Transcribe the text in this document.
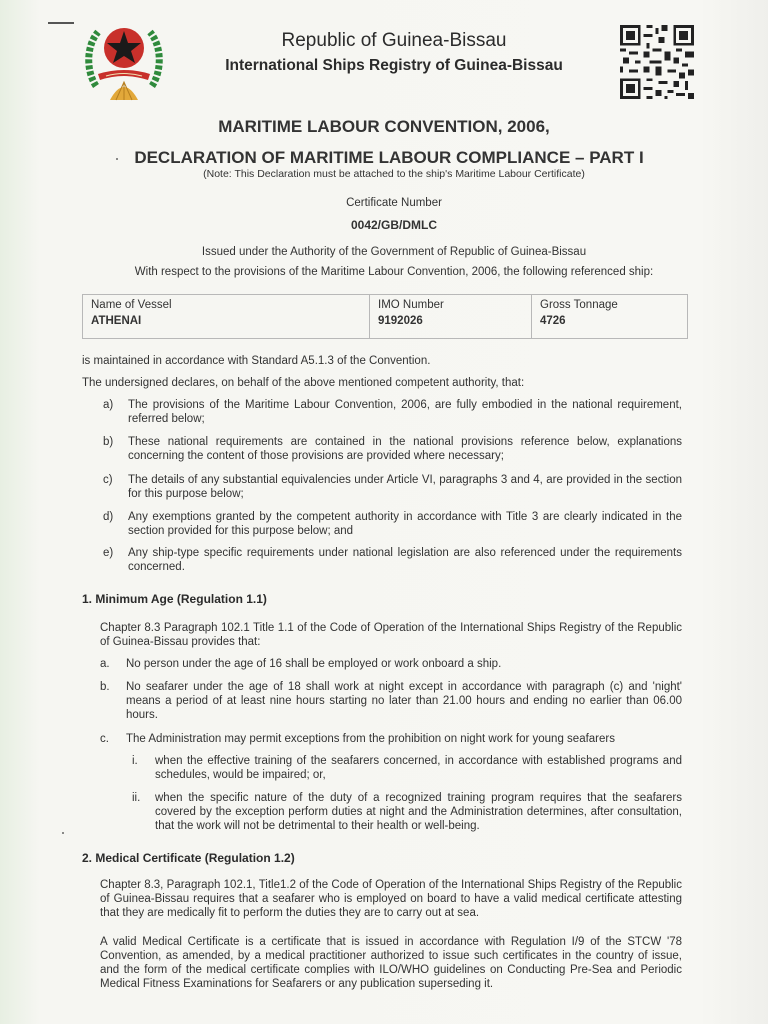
Republic of Guinea-Bissau
International Ships Registry of Guinea-Bissau
MARITIME LABOUR CONVENTION, 2006,
DECLARATION OF MARITIME LABOUR COMPLIANCE – PART I
(Note: This Declaration must be attached to the ship's Maritime Labour Certificate)
Certificate Number
0042/GB/DMLC
Issued under the Authority of the Government of Republic of Guinea-Bissau
With respect to the provisions of the Maritime Labour Convention, 2006, the following referenced ship:
Name of Vessel
ATHENAI

IMO Number
9192026

Gross Tonnage
4726
is maintained in accordance with Standard A5.1.3 of the Convention.
The undersigned declares, on behalf of the above mentioned competent authority, that:
a) The provisions of the Maritime Labour Convention, 2006, are fully embodied in the national requirement, referred below;
b) These national requirements are contained in the national provisions reference below, explanations concerning the content of those provisions are provided where necessary;
c) The details of any substantial equivalencies under Article VI, paragraphs 3 and 4, are provided in the section for this purpose below;
d) Any exemptions granted by the competent authority in accordance with Title 3 are clearly indicated in the section provided for this purpose below; and
e) Any ship-type specific requirements under national legislation are also referenced under the requirements concerned.
1. Minimum Age (Regulation 1.1)
Chapter 8.3 Paragraph 102.1 Title 1.1 of the Code of Operation of the International Ships Registry of the Republic of Guinea-Bissau provides that:
a. No person under the age of 16 shall be employed or work onboard a ship.
b. No seafarer under the age of 18 shall work at night except in accordance with paragraph (c) and 'night' means a period of at least nine hours starting no later than 21.00 hours and ending no earlier than 06.00 hours.
c. The Administration may permit exceptions from the prohibition on night work for young seafarers
i. when the effective training of the seafarers concerned, in accordance with established programs and schedules, would be impaired; or,
ii. when the specific nature of the duty of a recognized training program requires that the seafarers covered by the exception perform duties at night and the Administration determines, after consultation, that the work will not be detrimental to their health or well-being.
2. Medical Certificate (Regulation 1.2)
Chapter 8.3, Paragraph 102.1, Title1.2 of the Code of Operation of the International Ships Registry of the Republic of Guinea-Bissau requires that a seafarer who is employed on board to have a valid medical certificate attesting that they are medically fit to perform the duties they are to carry out at sea.
A valid Medical Certificate is a certificate that is issued in accordance with Regulation I/9 of the STCW '78 Convention, as amended, by a medical practitioner authorized to issue such certificates in the country of issue, and the form of the medical certificate complies with ILO/WHO guidelines on Conducting Pre-Sea and Periodic Medical Fitness Examinations for Seafarers or any publication superseding it.
